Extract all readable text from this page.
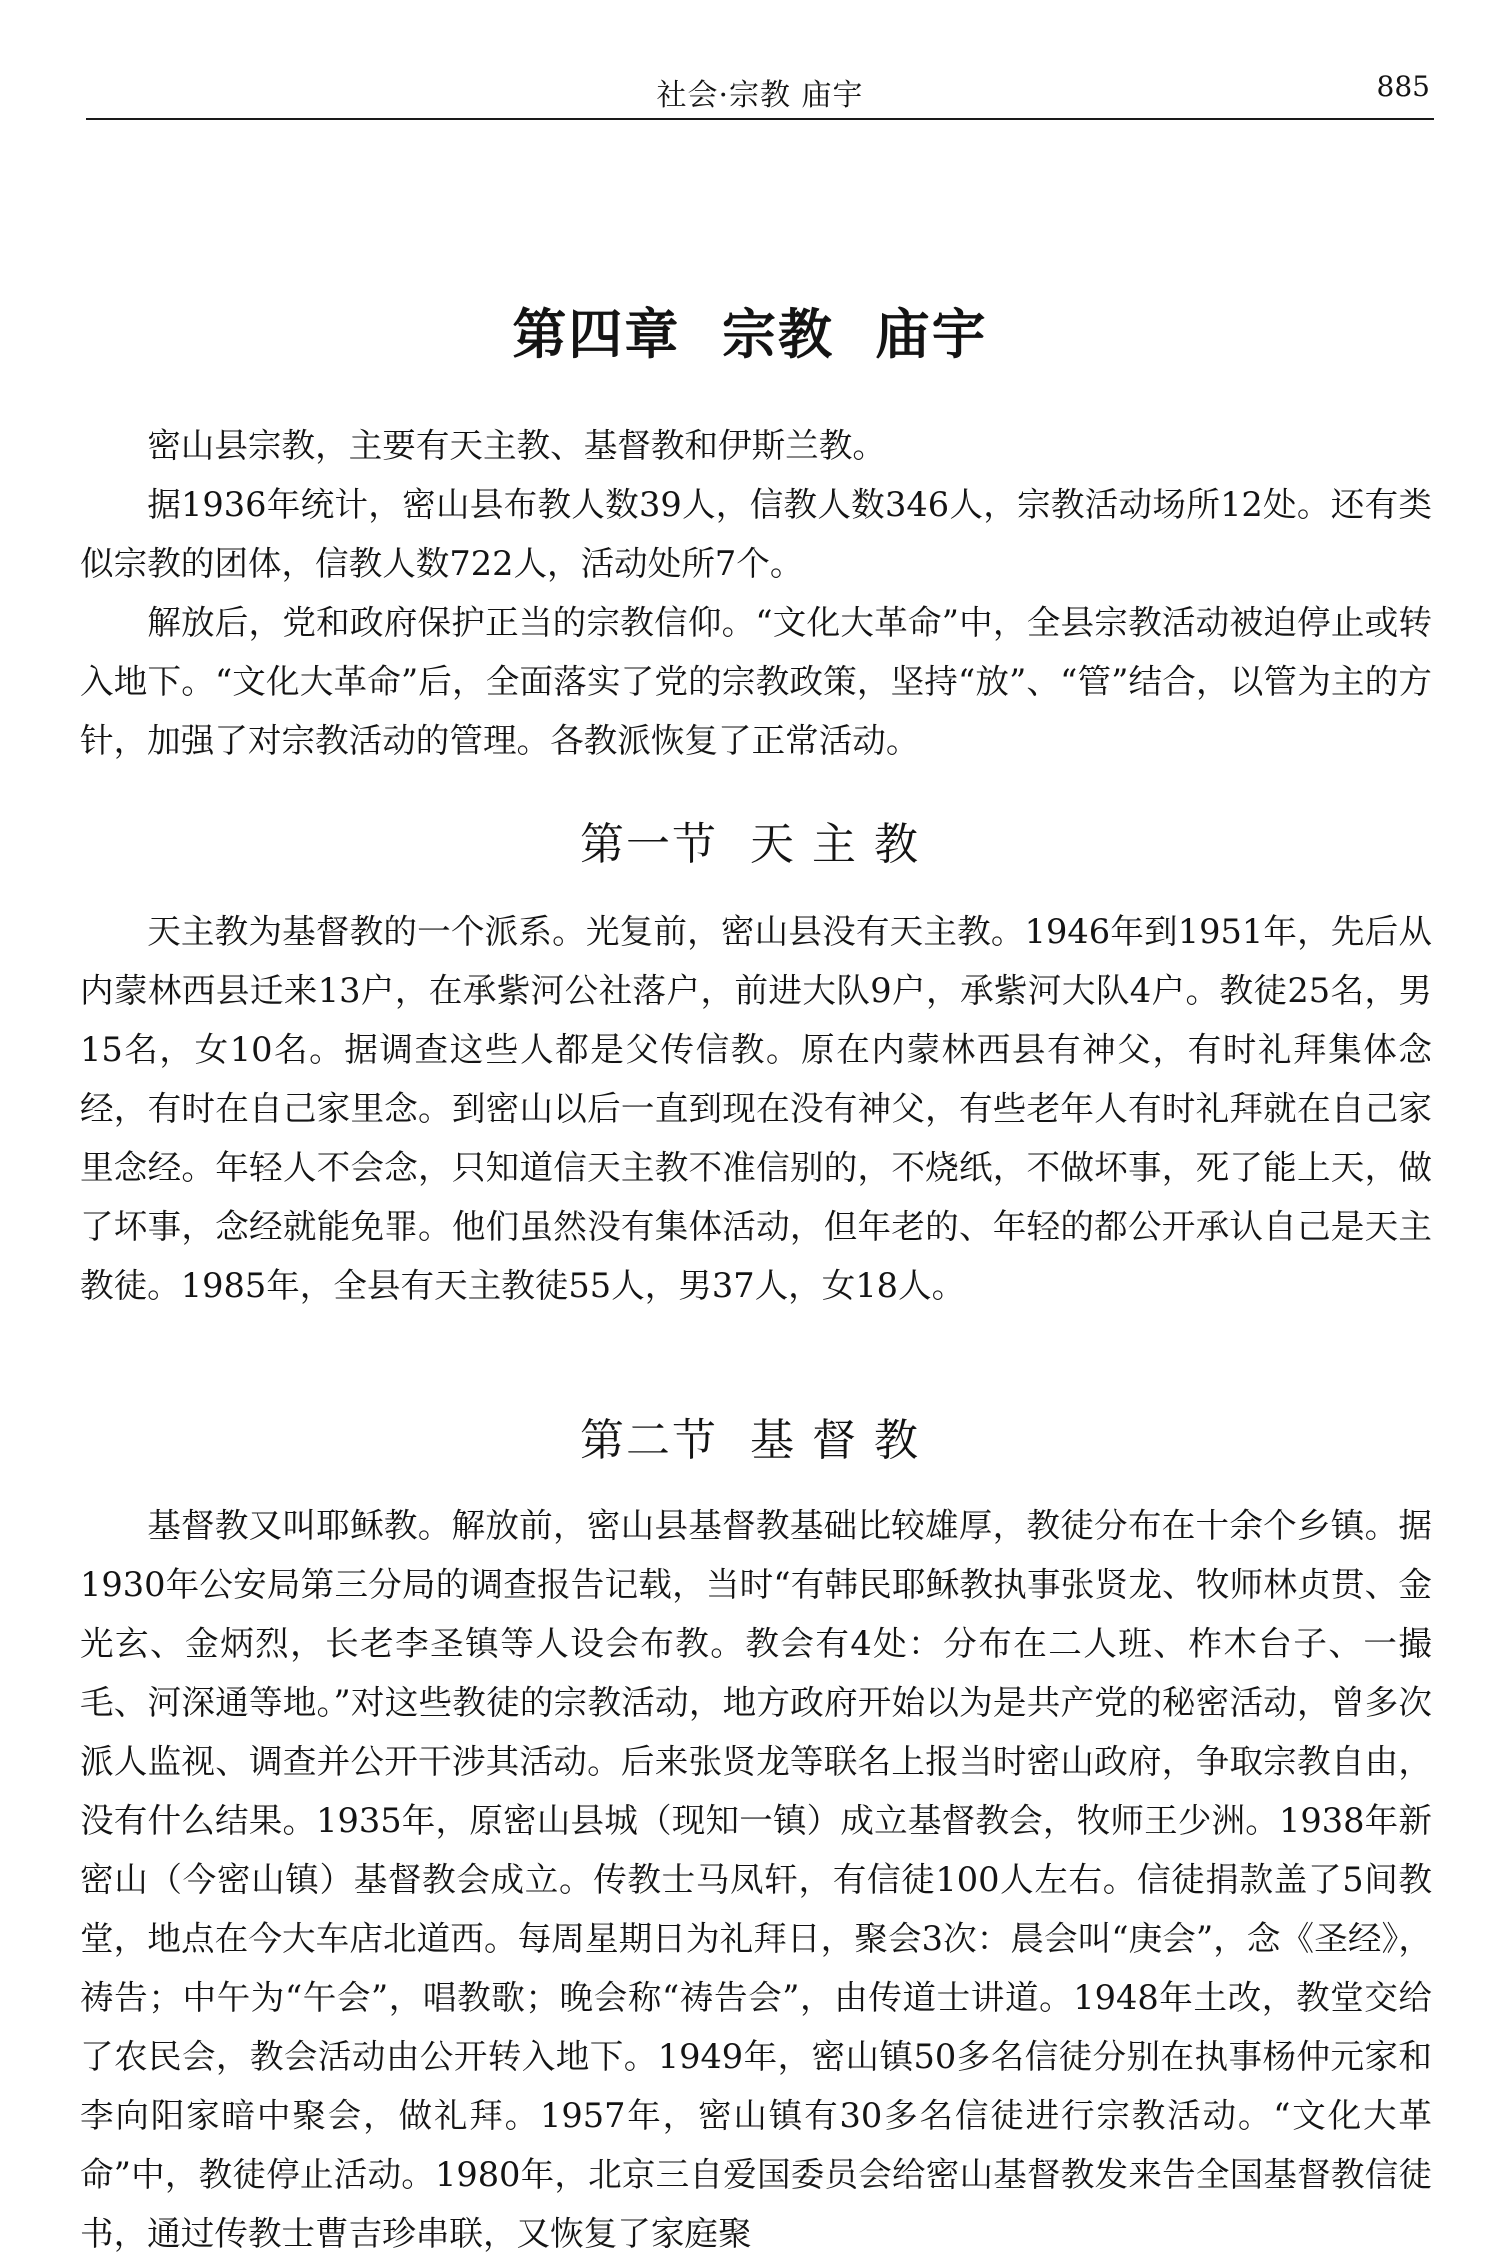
社会·宗教 庙宇	885
第四章  宗教  庙宇

密山县宗教，主要有天主教、基督教和伊斯兰教。

据1936年统计，密山县布教人数39人，信教人数346人，宗教活动场所12处。还有类似宗教的团体，信教人数722人，活动处所7个。

解放后，党和政府保护正当的宗教信仰。“文化大革命”中，全县宗教活动被迫停止或转入地下。“文化大革命”后，全面落实了党的宗教政策，坚持“放”、“管”结合，以管为主的方针，加强了对宗教活动的管理。各教派恢复了正常活动。

第一节  天 主 教

天主教为基督教的一个派系。光复前，密山县没有天主教。1946年到1951年，先后从内蒙林西县迁来13户，在承紫河公社落户，前进大队9户，承紫河大队4户。教徒25名，男15名，女10名。据调查这些人都是父传信教。原在内蒙林西县有神父，有时礼拜集体念经，有时在自己家里念。到密山以后一直到现在没有神父，有些老年人有时礼拜就在自己家里念经。年轻人不会念，只知道信天主教不准信别的，不烧纸，不做坏事，死了能上天，做了坏事，念经就能免罪。他们虽然没有集体活动，但年老的、年轻的都公开承认自己是天主教徒。1985年，全县有天主教徒55人，男37人，女18人。

第二节  基 督 教

基督教又叫耶稣教。解放前，密山县基督教基础比较雄厚，教徒分布在十余个乡镇。据1930年公安局第三分局的调查报告记载，当时“有韩民耶稣教执事张贤龙、牧师林贞贯、金光玄、金炳烈，长老李圣镇等人设会布教。教会有4处：分布在二人班、柞木台子、一撮毛、河深通等地。”对这些教徒的宗教活动，地方政府开始以为是共产党的秘密活动，曾多次派人监视、调查并公开干涉其活动。后来张贤龙等联名上报当时密山政府，争取宗教自由，没有什么结果。1935年，原密山县城（现知一镇）成立基督教会，牧师王少洲。1938年新密山（今密山镇）基督教会成立。传教士马凤轩，有信徒100人左右。信徒捐款盖了5间教堂，地点在今大车店北道西。每周星期日为礼拜日，聚会3次：晨会叫“庚会”，念《圣经》，祷告；中午为“午会”，唱教歌；晚会称“祷告会”，由传道士讲道。1948年土改，教堂交给了农民会，教会活动由公开转入地下。1949年，密山镇50多名信徒分别在执事杨仲元家和李向阳家暗中聚会，做礼拜。1957年，密山镇有30多名信徒进行宗教活动。“文化大革命”中，教徒停止活动。1980年，北京三自爱国委员会给密山基督教发来告全国基督教信徒书，通过传教士曹吉珍串联，又恢复了家庭聚
